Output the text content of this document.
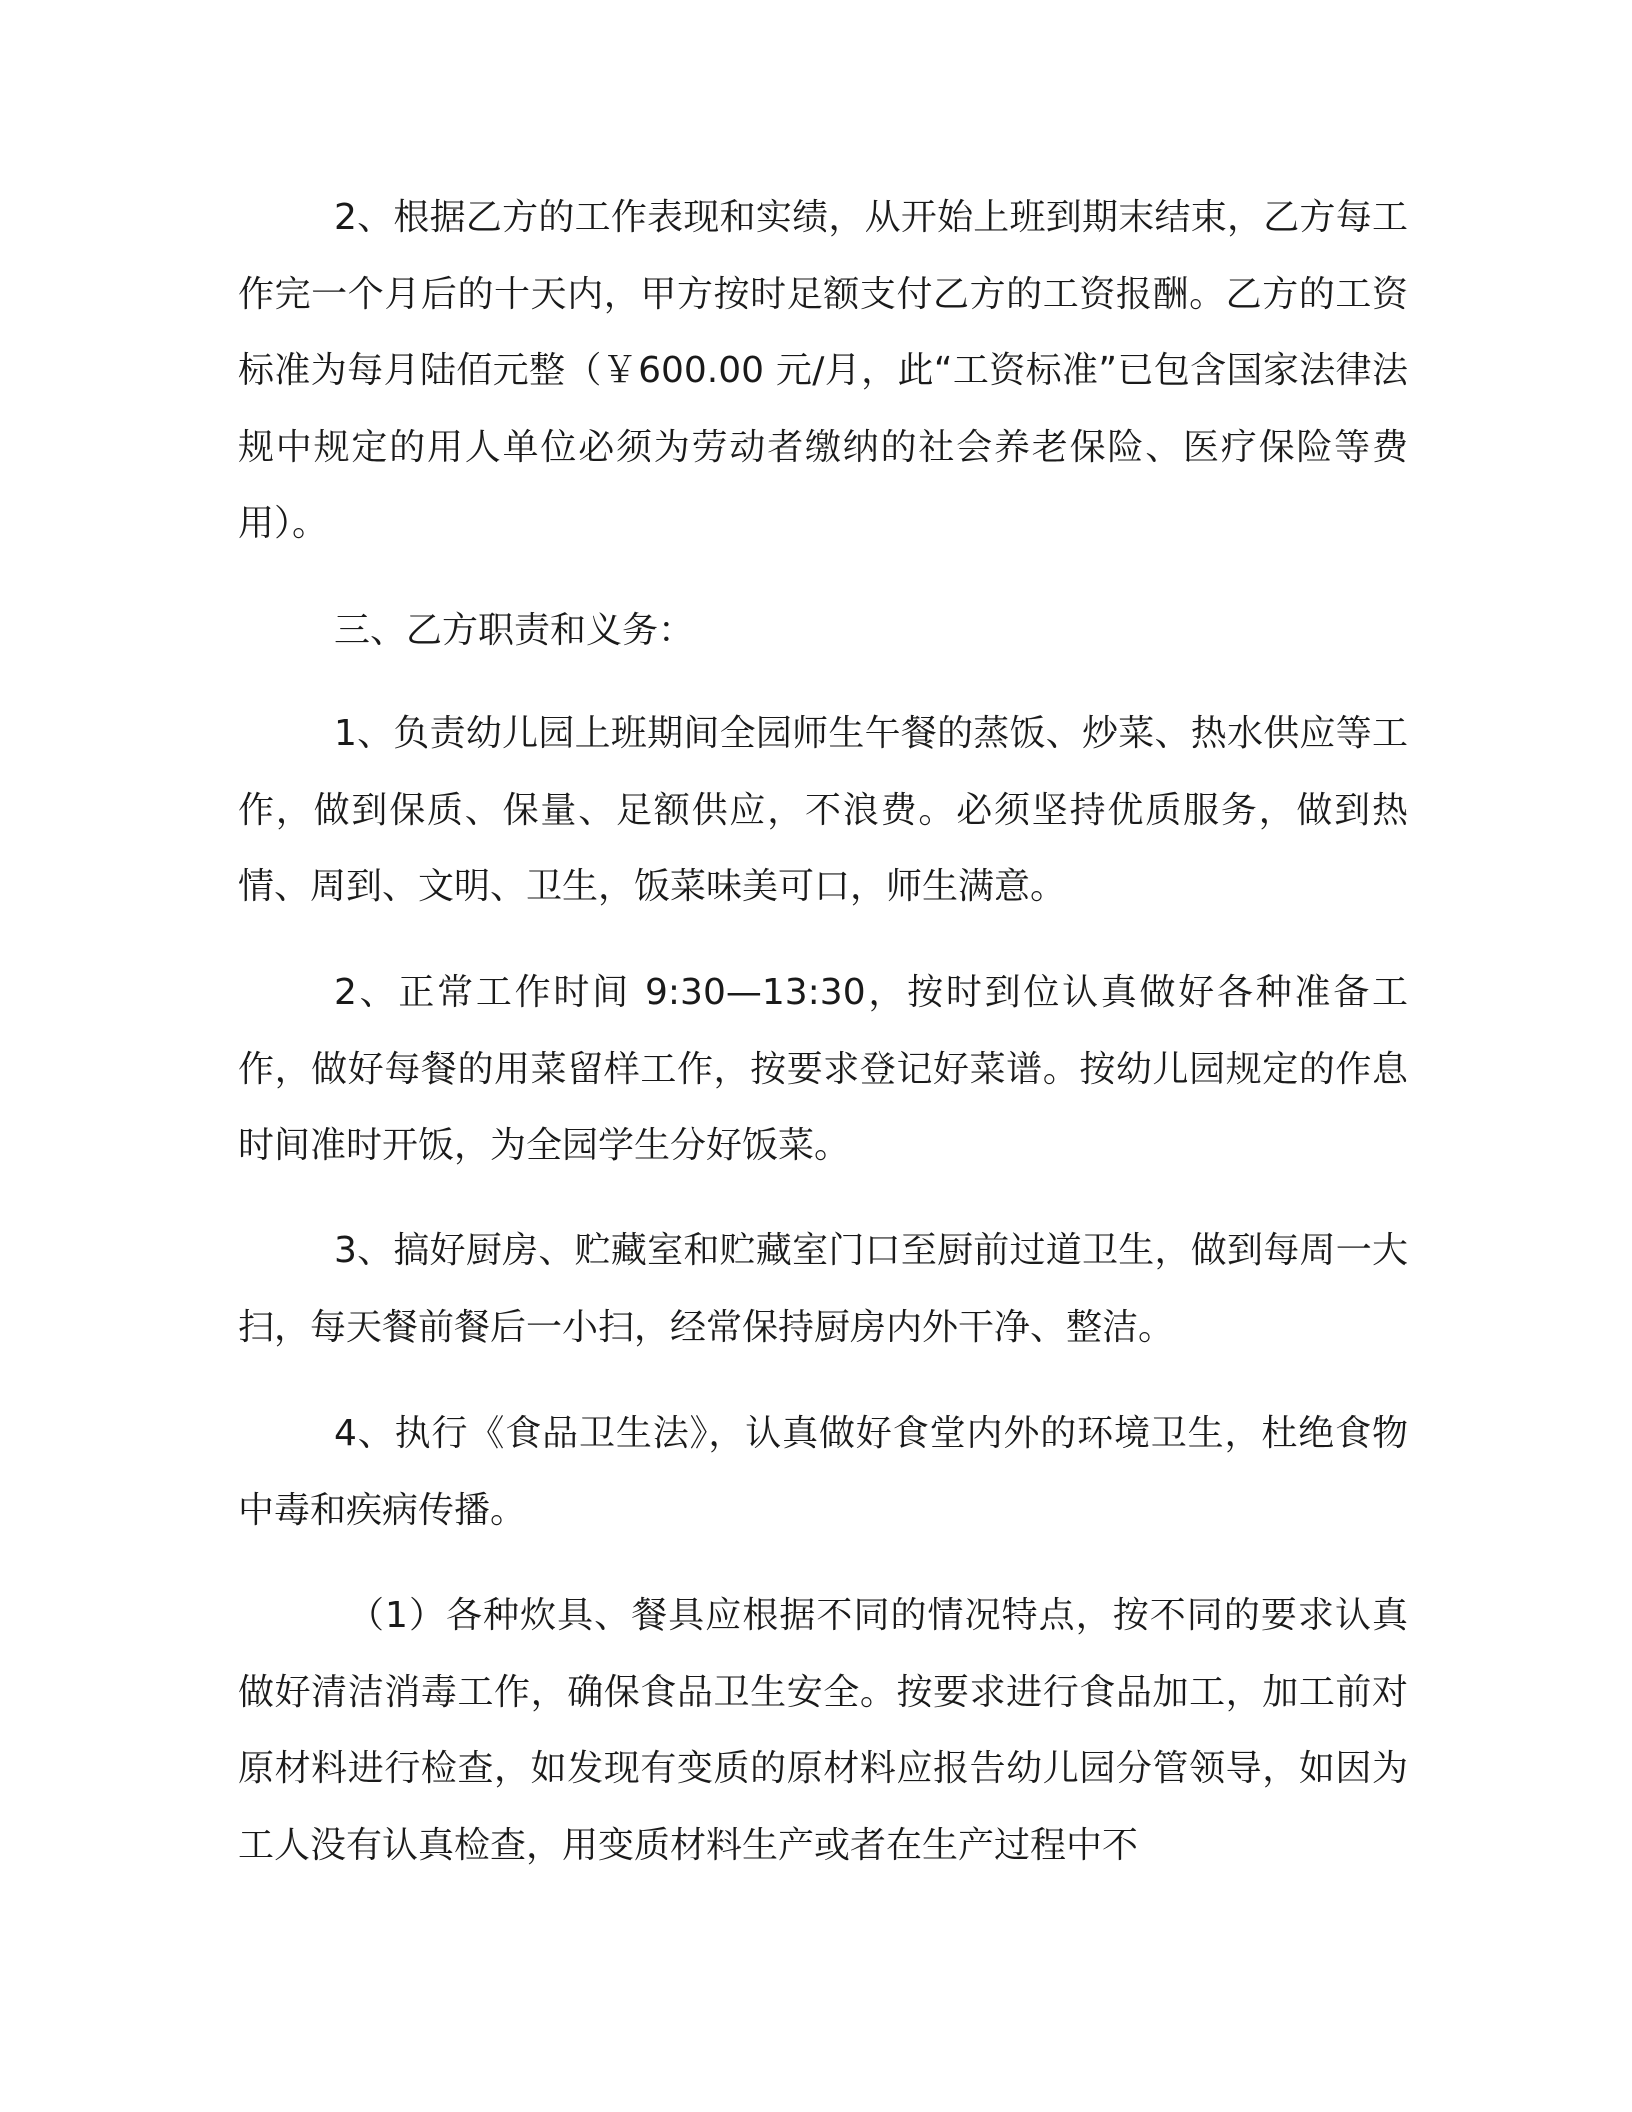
2、根据乙方的工作表现和实绩，从开始上班到期末结束，乙方每工作完一个月后的十天内，甲方按时足额支付乙方的工资报酬。乙方的工资标准为每月陆佰元整（￥600.00 元/月，此“工资标准”已包含国家法律法规中规定的用人单位必须为劳动者缴纳的社会养老保险、医疗保险等费用）。

三、乙方职责和义务：

1、负责幼儿园上班期间全园师生午餐的蒸饭、炒菜、热水供应等工作，做到保质、保量、足额供应，不浪费。必须坚持优质服务，做到热情、周到、文明、卫生，饭菜味美可口，师生满意。

2、正常工作时间 9:30—13:30，按时到位认真做好各种准备工作，做好每餐的用菜留样工作，按要求登记好菜谱。按幼儿园规定的作息时间准时开饭，为全园学生分好饭菜。

3、搞好厨房、贮藏室和贮藏室门口至厨前过道卫生，做到每周一大扫，每天餐前餐后一小扫，经常保持厨房内外干净、整洁。

4、执行《食品卫生法》，认真做好食堂内外的环境卫生，杜绝食物中毒和疾病传播。

（1）各种炊具、餐具应根据不同的情况特点，按不同的要求认真做好清洁消毒工作，确保食品卫生安全。按要求进行食品加工，加工前对原材料进行检查，如发现有变质的原材料应报告幼儿园分管领导，如因为工人没有认真检查，用变质材料生产或者在生产过程中不
